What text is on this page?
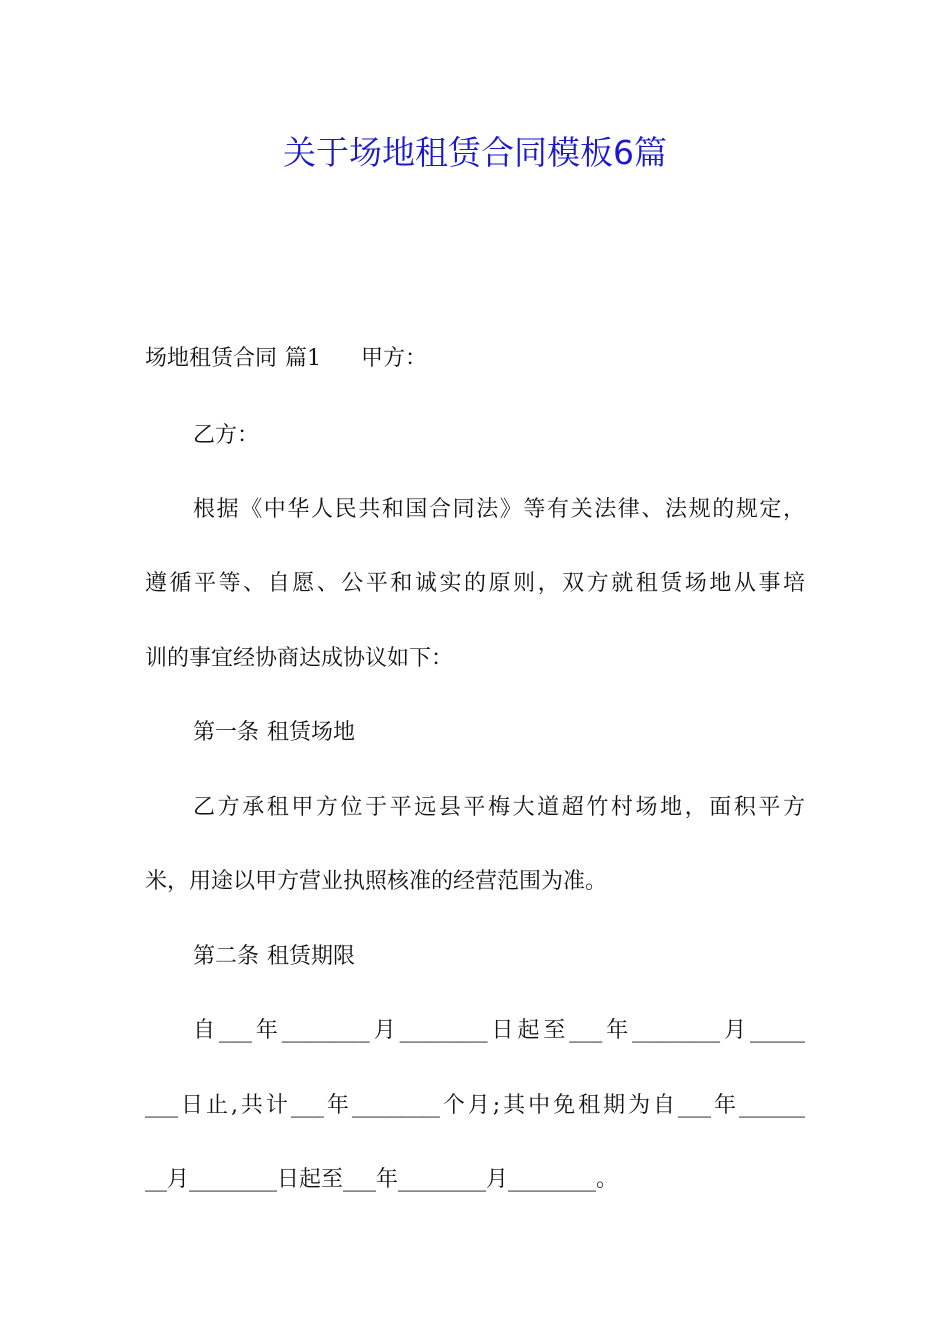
关于场地租赁合同模板6篇
场地租赁合同 篇1 甲方：
乙方：
根据《中华人民共和国合同法》等有关法律、法规的规定，
遵循平等、自愿、公平和诚实的原则，双方就租赁场地从事培
训的事宜经协商达成协议如下：
第一条 租赁场地
乙方承租甲方位于平远县平梅大道超竹村场地，面积平方
米，用途以甲方营业执照核准的经营范围为准。
第二条 租赁期限
自___年________月________日起至___年________月_____
___日止,共计___年________个月;其中免租期为自___年______
__月________日起至___年________月________。
